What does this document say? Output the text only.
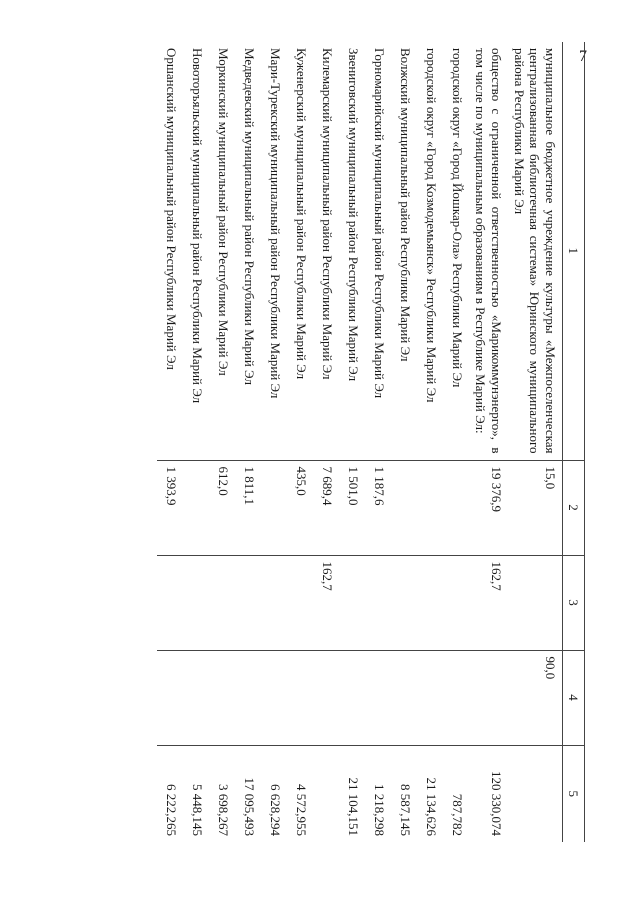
7
1	2	3	4	5
муниципальное бюджетное учреждение культуры «Межпоселенческая централизованная библиотечная система» Юринского муниципального района Республики Марий Эл	15,0		90,0	
общество с ограниченной ответственностью «Марикоммунэнерго», в том числе по муниципальным образованиям в Республике Марий Эл:	19 376,9	162,7		120 330,074
городской округ «Город Йошкар-Ола» Республики Марий Эл				787,782
городской округ «Город Козмодемьянск» Республики Марий Эл				21 134,626
Волжский муниципальный район Республики Марий Эл				8 587,145
Горномарийский муниципальный район Республики Марий Эл	1 187,6			1 218,298
Звениговский муниципальный район Республики Марий Эл	1 501,0			21 104,151
Килемарский муниципальный район Республики Марий Эл	7 689,4	162,7		
Куженерский муниципальный район Республики Марий Эл	435,0			4 572,955
Мари-Турекский муниципальный район Республики Марий Эл				6 628,294
Медведевский муниципальный район Республики Марий Эл	1 811,1			17 095,493
Моркинский муниципальный район Республики Марий Эл	612,0			3 698,267
Новоторъяльский муниципальный район Республики Марий Эл				5 448,145
Оршанский муниципальный район Республики Марий Эл	1 393,9			6 222,265
